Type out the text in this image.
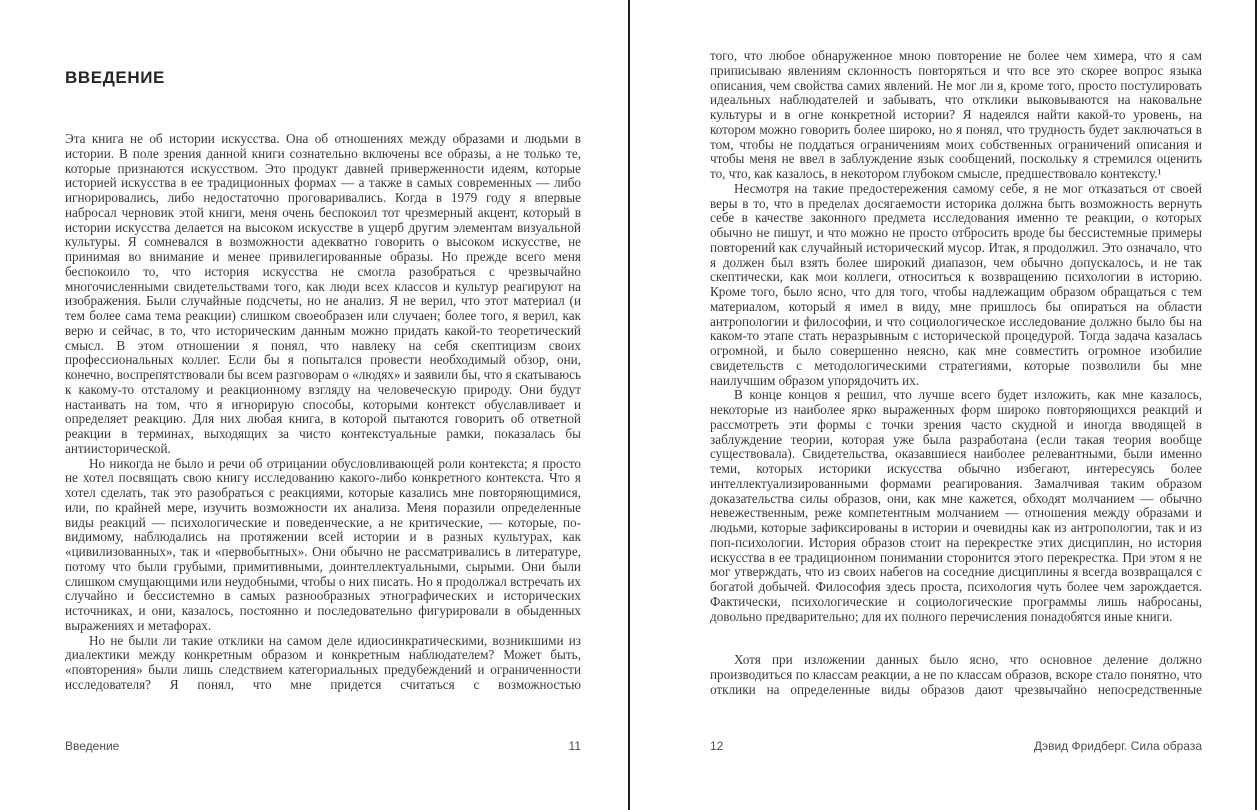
ВВЕДЕНИЕ

Эта книга не об истории искусства. Она об отношениях между образами и людьми в истории. В поле зрения данной книги сознательно включены все образы, а не только те, которые признаются искусством. Это продукт давней приверженности идеям, которые историей искусства в ее традиционных формах — а также в самых современных — либо игнорировались, либо недостаточно проговаривались. Когда в 1979 году я впервые набросал черновик этой книги, меня очень беспокоил тот чрезмерный акцент, который в истории искусства делается на высоком искусстве в ущерб другим элементам визуальной культуры. Я сомневался в возможности адекватно говорить о высоком искусстве, не принимая во внимание и менее привилегированные образы. Но прежде всего меня беспокоило то, что история искусства не смогла разобраться с чрезвычайно многочисленными свидетельствами того, как люди всех классов и культур реагируют на изображения. Были случайные подсчеты, но не анализ. Я не верил, что этот материал (и тем более сама тема реакции) слишком своеобразен или случаен; более того, я верил, как верю и сейчас, в то, что историческим данным можно придать какой-то теоретический смысл. В этом отношении я понял, что навлеку на себя скептицизм своих профессиональных коллег. Если бы я попытался провести необходимый обзор, они, конечно, воспрепятствовали бы всем разговорам о «людях» и заявили бы, что я скатываюсь к какому-то отсталому и реакционному взгляду на человеческую природу. Они будут настаивать на том, что я игнорирую способы, которыми контекст обуславливает и определяет реакцию. Для них любая книга, в которой пытаются говорить об ответной реакции в терминах, выходящих за чисто контекстуальные рамки, показалась бы антиисторической.

Но никогда не было и речи об отрицании обусловливающей роли контекста; я просто не хотел посвящать свою книгу исследованию какого-либо конкретного контекста. Что я хотел сделать, так это разобраться с реакциями, которые казались мне повторяющимися, или, по крайней мере, изучить возможности их анализа. Меня поразили определенные виды реакций — психологические и поведенческие, а не критические, — которые, по-видимому, наблюдались на протяжении всей истории и в разных культурах, как «цивилизованных», так и «первобытных». Они обычно не рассматривались в литературе, потому что были грубыми, примитивными, доинтеллектуальными, сырыми. Они были слишком смущающими или неудобными, чтобы о них писать. Но я продолжал встречать их случайно и бессистемно в самых разнообразных этнографических и исторических источниках, и они, казалось, постоянно и последовательно фигурировали в обыденных выражениях и метафорах.

Но не были ли такие отклики на самом деле идиосинкратическими, возникшими из диалектики между конкретным образом и конкретным наблюдателем? Может быть, «повторения» были лишь следствием категориальных предубеждений и ограниченности исследователя? Я понял, что мне придется считаться с возможностью

Введение	11

того, что любое обнаруженное мною повторение не более чем химера, что я сам приписываю явлениям склонность повторяться и что все это скорее вопрос языка описания, чем свойства самих явлений. Не мог ли я, кроме того, просто постулировать идеальных наблюдателей и забывать, что отклики выковываются на наковальне культуры и в огне конкретной истории? Я надеялся найти какой-то уровень, на котором можно говорить более широко, но я понял, что трудность будет заключаться в том, чтобы не поддаться ограничениям моих собственных ограничений описания и чтобы меня не ввел в заблуждение язык сообщений, поскольку я стремился оценить то, что, как казалось, в некотором глубоком смысле, предшествовало контексту.¹

Несмотря на такие предостережения самому себе, я не мог отказаться от своей веры в то, что в пределах досягаемости историка должна быть возможность вернуть себе в качестве законного предмета исследования именно те реакции, о которых обычно не пишут, и что можно не просто отбросить вроде бы бессистемные примеры повторений как случайный исторический мусор. Итак, я продолжил. Это означало, что я должен был взять более широкий диапазон, чем обычно допускалось, и не так скептически, как мои коллеги, относиться к возвращению психологии в историю. Кроме того, было ясно, что для того, чтобы надлежащим образом обращаться с тем материалом, который я имел в виду, мне пришлось бы опираться на области антропологии и философии, и что социологическое исследование должно было бы на каком-то этапе стать неразрывным с исторической процедурой. Тогда задача казалась огромной, и было совершенно неясно, как мне совместить огромное изобилие свидетельств с методологическими стратегиями, которые позволили бы мне наилучшим образом упорядочить их.

В конце концов я решил, что лучше всего будет изложить, как мне казалось, некоторые из наиболее ярко выраженных форм широко повторяющихся реакций и рассмотреть эти формы с точки зрения часто скудной и иногда вводящей в заблуждение теории, которая уже была разработана (если такая теория вообще существовала). Свидетельства, оказавшиеся наиболее релевантными, были именно теми, которых историки искусства обычно избегают, интересуясь более интеллектуализированными формами реагирования. Замалчивая таким образом доказательства силы образов, они, как мне кажется, обходят молчанием — обычно невежественным, реже компетентным молчанием — отношения между образами и людьми, которые зафиксированы в истории и очевидны как из антропологии, так и из поп-психологии. История образов стоит на перекрестке этих дисциплин, но история искусства в ее традиционном понимании сторонится этого перекрестка. При этом я не мог утверждать, что из своих набегов на соседние дисциплины я всегда возвращался с богатой добычей. Философия здесь проста, психология чуть более чем зарождается. Фактически, психологические и социологические программы лишь набросаны, довольно предварительно; для их полного перечисления понадобятся иные книги.

Хотя при изложении данных было ясно, что основное деление должно производиться по классам реакции, а не по классам образов, вскоре стало понятно, что отклики на определенные виды образов дают чрезвычайно непосредственные

12	Дэвид Фридберг. Сила образа
